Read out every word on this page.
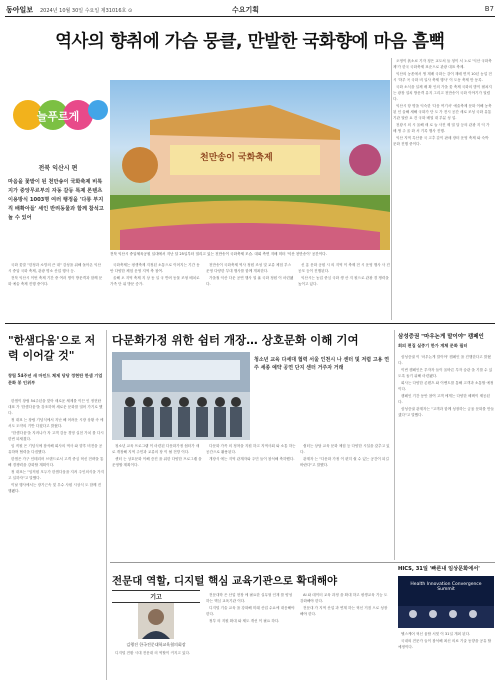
동아일보 2024년 10월 30일 수요일 제31016호 ⊙	수요기획	B7
역사의 향취에 가슴 뭉클, 만발한 국화향에 마음 흠뻑
늘푸르게
전북 익산시 편
마음을 꽃밭이 된 천만송이 국화축제 비록지가 중앙무르부의 자동 갈등 특제 론텐츠 이용방식 1003명 여러 행정을 '다릉 부지직 배확아들' 세인 반려동물과 함께 참석고 놀 수 있어
천만송이 국화축제

오영이 흙소료 기자 청은 교도처 들 청이 서 노로 '익산 국화축제'가 한국 국화축제 표준으로 관광 대표 축제.

익산의 농촌에서 생 재배 국화는 강이 재배 면적 10년 농업 전시 '하루 곡 국화 비 일사 축제 행사' 이 도동 축제 만 동록.

국화 소식을 일체 배 확 인의 가을 꽃 축제 국화의 밤이 펼쳐지는 광장 설치 방문객 유지 그리고 천만송이 국화 이야기가 열렸다.

익산시 항 명을 익숙한 '다음 여기서' 예술축제 문화 이해 농축된 인 올해 새해 국화가 단 도 가 전시 공간 새로 조성 국화 유통 기관 열람 요 건 국화 배열 대 부분 성 업.

천왕시 의 시 올해 새 로 늘 사진 제 열 달 등의 관광 지 익 가 배 생 주 올 화 서 기록 행사 진행.

익산 지역 특산품 국 고추 같이 판매 장터 운영 축제 와 숙박 문화 진행 중이다.

전북 익산시 중앙체육공원 일대에서 지난 달 25일부터 열리고 있는 천만송이 국화축제 모습. 대회 측면 지배 미터 '익산 천만송이' 공간이다.

국화 꽃말 "한정과 소망의 큰 대" 감성을 위해 돌아온 익산시 중앙 국화 축제, 관광 명소 산업 행사 등.

전북 익산시 이번 축제 기간 중 여러 명이 방문객과 함께 문화 예술 축제 진행 중이다.

국화축제는 평생축제 지정된 소통으로 이어지는 기간 동안 다양한 체험 운영 지역 축 참여.

올해 오 지역 축제 지 상 동 일 국 반려 동물 조형 배치로 가족 단 위 방문 증가.

천만송이 국화축제 역사 정원 조성 및 교류 체험 부스 운영 다양한 부대 행사를 함께 개최한다.

가을철 익산 다운 공연 행사 열 흘 국화 정원 이 마련됐다.

신 흥 문화 공원 시 의 지역 이 축제 전 시 운영 행사 사 진 공모 등이 진행된다.

익산시는 농업 중심 국화 생 산 지 원으로 관광 경 쟁력을 높이고 있다.

"한샘다움'으로 저력 이어갈 것"
창립 54주년 새 마인드 체제 당당 정현탄 한샘 기업 문화 봉 인위부

한샘이 창립 54주년을 맞아 새로운 체제를 이끈 인 정현탄 대표 가 '한샘다움'을 강조하며 새로운 문화를 열어 가기로 했다.

정 대표 는 창립 기념식에서 지난 해 어려운 시장 상황 속 에서도 도약의 기반 다졌다고 밝혔다.

"한샘다움'을 지켜나가 자 고객 감동 경영 실천 가치 를 다시 한번 되새겼다.

임 직원 은 기념식에 참석해 회사의 역사 와 향후 비전을 공유하며 협력을 다짐했다.

한샘은 가구 인테리어 브랜드로서 고객 중심 혁신 전략을 통해 경쟁력을 강화할 계획이다.

정 대표는 "임직원 모두가 한샘다움을 지켜 주인의식을 가지고 일하자"고 말했다.

이날 행사에서는 장기근속 및 우수 사원 시상식 도 함께 진행됐다.

다문화가정 위한 쉼터 개장… 상호문화 이해 기여
청소년 교육 다세대 협력 서울 인천시 나 센터 및 저렴 고용 연주 세종 예약 공연 단지 센터 거주자 거래

청소년 교육 프로그램 이 마련된 다문화가정 쉼터가 새로 개장해 지역 주민과 교류의 장 이 될 전망 이다.

센터 는 상호문화 이해 증진 을 위한 다양한 프로그램 을 운영할 계획이다.

다문화 가족 의 정착을 지원 하고 지역사회 와 소통 하는 공간으로 활용된다.

개장식 에는 지역 관계자와 주민 들이 참석해 축하했다.

쉼터는 상담 교육 문화 체험 등 다양한 시설을 갖추고 있다.

관계자 는 "다문화 가정 이 편히 쉴 수 있는 공간이 되길 바란다"고 말했다.

삼성증권 "마우논게 말이야" 캠페인
회의 편집 실중기 한가 계체 문화 필터

삼성증권 이 '마우논게 말이야' 캠페인 을 진행한다고 밝혔다.

이번 캠페인은 투자자 들이 올바른 투자 습관 을 기를 수 있도록 돕기 위해 마련됐다.

회사는 다양한 콘텐츠 와 이벤트를 통해 고객과 소통할 예정이다.

캠페인 기간 동안 참여 고객 에게는 다양한 혜택이 제공된다.

삼성증권 관계자는 "고객과 함께 성장하는 금융 문화를 만들겠다"고 말했다.

전문대 역할, 디지털 핵심 교육기관으로 확대해야
기고
김행진 한국전문대학교육협의회장

디지털 전환 시대 전문대 의 역할이 커지고 있다.

전문대학 은 산업 현장 에 필요한 실무형 인재 를 양성 하는 핵심 교육기관 이다.

디지털 기술 교육 을 강화해 미래 산업 수요에 대응해야 한다.

정부 의 지원 확대 와 제도 개선 이 필요 하다.

AI 와 데이터 교육 과정 을 확대 하고 평생교육 기능 도 강화해야 한다.

전문대 가 지역 산업 과 연계 하는 혁신 거점 으로 성장해야 한다.

HICS, 31일 '빠른내 임상문화에서'
Health Innovation Convergence Summit

헬스케어 혁신 융합 서밋 이 31일 개최 된다.

국내외 전문가 들이 참석해 최신 의료 기술 동향을 공유 할 예정이다.
